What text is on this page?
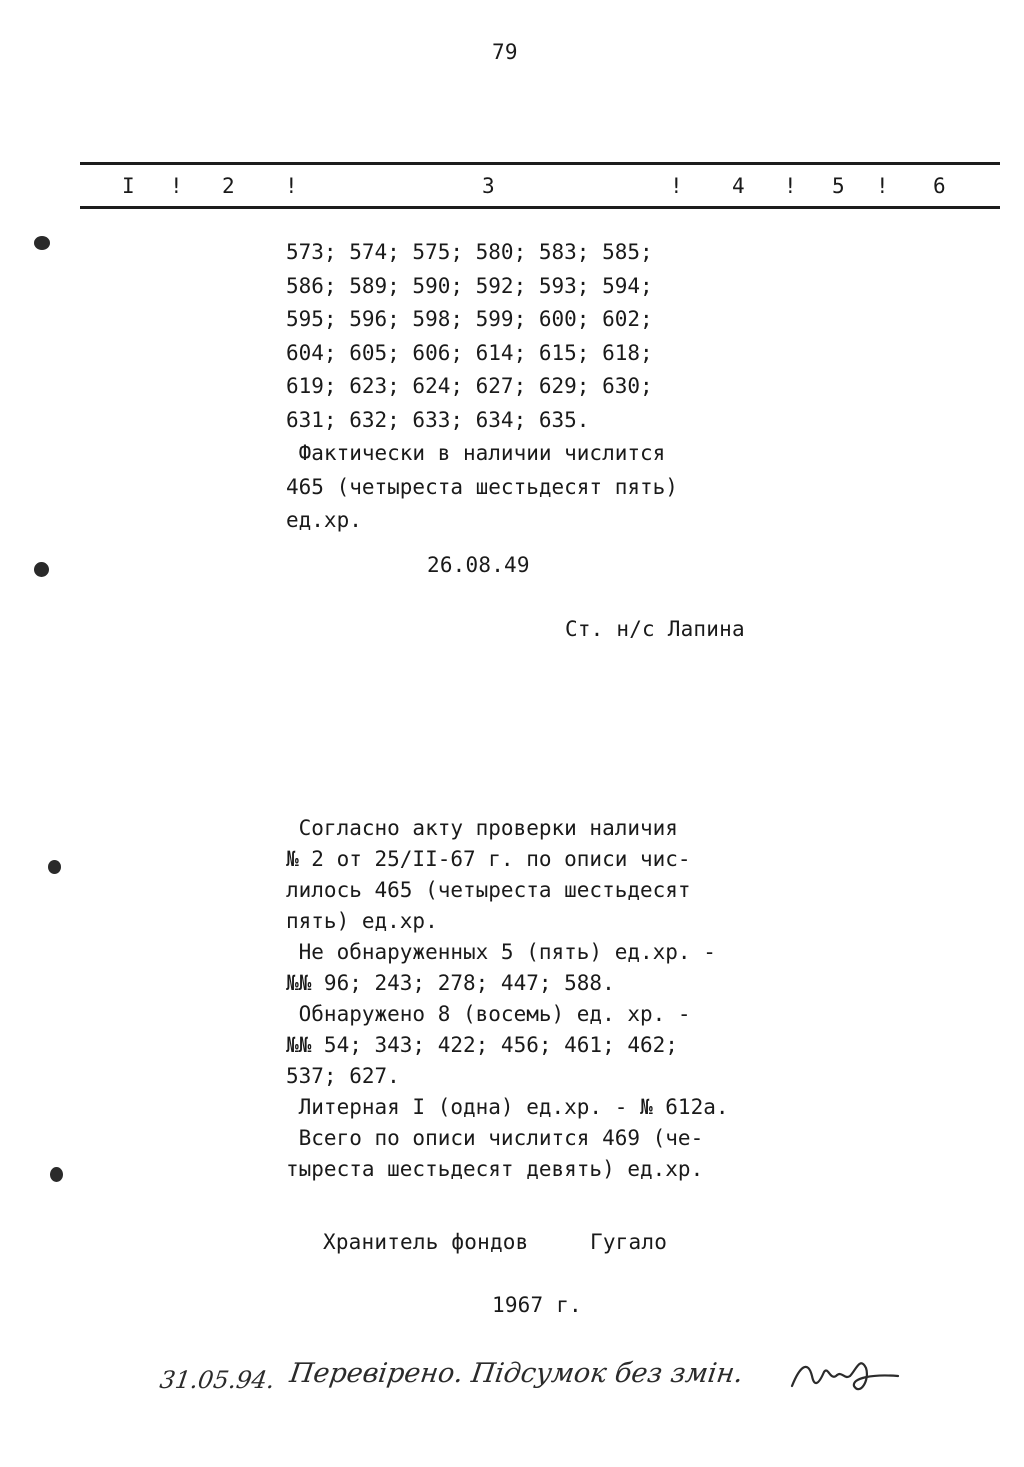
79
I ! 2 !	3	! 4 ! 5 ! 6
573; 574; 575; 580; 583; 585;
586; 589; 590; 592; 593; 594;
595; 596; 598; 599; 600; 602;
604; 605; 606; 614; 615; 618;
619; 623; 624; 627; 629; 630;
631; 632; 633; 634; 635.
Фактически в наличии числится
465 (четыреста шестьдесят пять)
ед.хр.
26.08.49
Ст. н/с Лапина
Согласно акту проверки наличия
№ 2 от 25/II-67 г. по описи чис-
лилось 465 (четыреста шестьдесят
пять) ед.хр.
Не обнаруженных 5 (пять) ед.хр. -
№№ 96; 243; 278; 447; 588.
Обнаружено 8 (восемь) ед. хр. -
№№ 54; 343; 422; 456; 461; 462;
537; 627.
Литерная I (одна) ед.хр. - № 612а.
Всего по описи числится 469 (че-
тыреста шестьдесят девять) ед.хр.
Хранитель фондов	Гугало
1967 г.
31.05.94. Перевірено. Підсумок без змін.
